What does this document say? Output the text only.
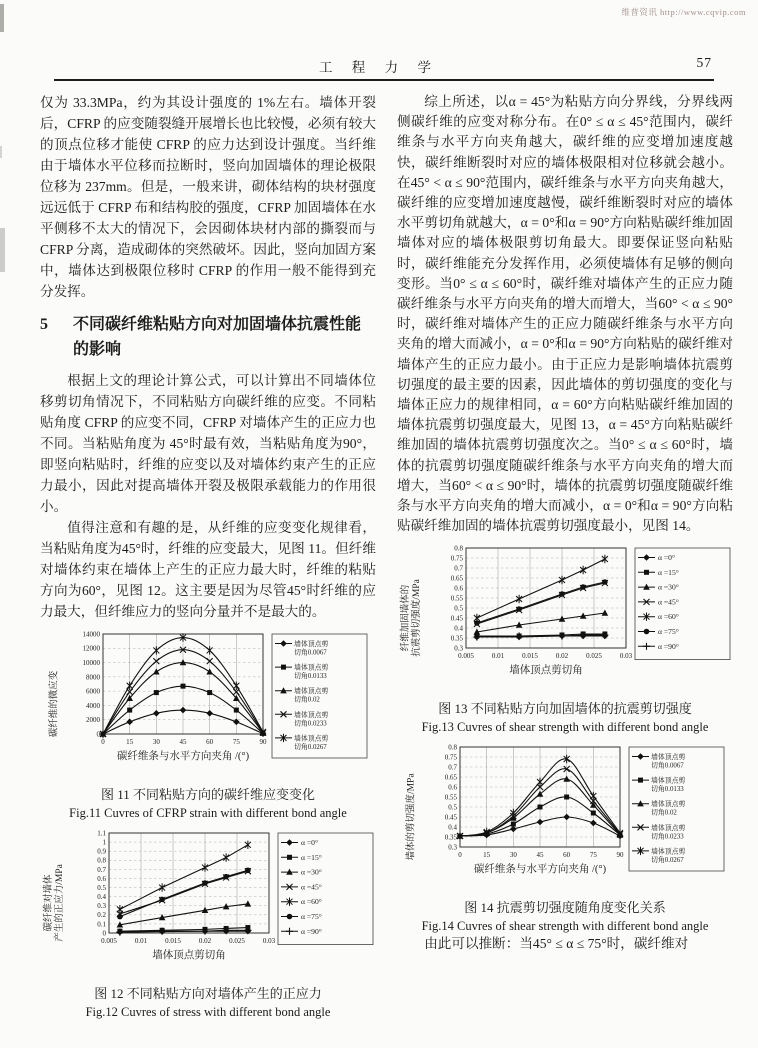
维普资讯 http://www.cqvip.com
工 程 力 学	57

仅为 33.3MPa，约为其设计强度的 1%左右。墙体开裂后，CFRP 的应变随裂缝开展增长也比较慢，必须有较大的顶点位移才能使 CFRP 的应力达到设计强度。当纤维由于墙体水平位移而拉断时，竖向加固墙体的理论极限位移为 237mm。但是，一般来讲，砌体结构的块材强度远远低于 CFRP 布和结构胶的强度，CFRP 加固墙体在水平侧移不太大的情况下，会因砌体块材内部的撕裂而与 CFRP 分离，造成砌体的突然破坏。因此，竖向加固方案中，墙体达到极限位移时 CFRP 的作用一般不能得到充分发挥。

5	不同碳纤维粘贴方向对加固墙体抗震性能的影响

根据上文的理论计算公式，可以计算出不同墙体位移剪切角情况下，不同粘贴方向碳纤维的应变。不同粘贴角度 CFRP 的应变不同，CFRP 对墙体产生的正应力也不同。当粘贴角度为 45°时最有效，当粘贴角度为90°，即竖向粘贴时，纤维的应变以及对墙体约束产生的正应力最小，因此对提高墙体开裂及极限承载能力的作用很小。

值得注意和有趣的是，从纤维的应变变化规律看，当粘贴角度为45°时，纤维的应变最大，见图 11。但纤维对墙体约束在墙体上产生的正应力最大时，纤维的粘贴方向为60°，见图 12。这主要是因为尽管45°时纤维的应力最大，但纤维应力的竖向分量并不是最大的。

碳纤维的微应变	0
2000
4000
6000
8000
10000
12000
14000
0	15	30	45	60	75	90
碳纤维条与水平方向夹角 /(°)
墙体顶点剪
切角0.0067
墙体顶点剪
切角0.0133
墙体顶点剪
切角0.02
墙体顶点剪
切角0.0233
墙体顶点剪
切角0.0267
图 11 不同粘贴方向的碳纤维应变变化
Fig.11 Cuvres of CFRP strain with different bond angle
碳纤维对墙体
产生的正应力/MPa	0
0.1
0.2
0.3
0.4
0.5
0.6
0.7
0.8
0.9
1
1.1
0.005	0.01	0.015	0.02	0.025	0.03
墙体顶点剪切角
α =0°
α =15°
α =30°
α =45°
α =60°
α =75°
α =90°
图 12 不同粘贴方向对墙体产生的正应力
Fig.12 Cuvres of stress with different bond angle

综上所述，以α = 45°为粘贴方向分界线，分界线两侧碳纤维的应变对称分布。在0° ≤ α ≤ 45°范围内，碳纤维条与水平方向夹角越大，碳纤维的应变增加速度越快，碳纤维断裂时对应的墙体极限相对位移就会越小。在45° < α ≤ 90°范围内，碳纤维条与水平方向夹角越大，碳纤维的应变增加速度越慢，碳纤维断裂时对应的墙体水平剪切角就越大，α = 0°和α = 90°方向粘贴碳纤维加固墙体对应的墙体极限剪切角最大。即要保证竖向粘贴时，碳纤维能充分发挥作用，必须使墙体有足够的侧向变形。当0° ≤ α ≤ 60°时，碳纤维对墙体产生的正应力随碳纤维条与水平方向夹角的增大而增大，当60° < α ≤ 90°时，碳纤维对墙体产生的正应力随碳纤维条与水平方向夹角的增大而减小，α = 0°和α = 90°方向粘贴的碳纤维对墙体产生的正应力最小。由于正应力是影响墙体抗震剪切强度的最主要的因素，因此墙体的剪切强度的变化与墙体正应力的规律相同，α = 60°方向粘贴碳纤维加固的墙体抗震剪切强度最大，见图 13，α = 45°方向粘贴碳纤维加固的墙体抗震剪切强度次之。当0° ≤ α ≤ 60°时，墙体的抗震剪切强度随碳纤维条与水平方向夹角的增大而增大，当60° < α ≤ 90°时，墙体的抗震剪切强度随碳纤维条与水平方向夹角的增大而减小，α = 0°和α = 90°方向粘贴碳纤维加固的墙体抗震剪切强度最小，见图 14。

纤维加固墙体的
抗震剪切强度/MPa	0.3
0.35
0.4
0.45
0.5
0.55
0.6
0.65
0.7
0.75
0.8
0.005	0.01	0.015	0.02	0.025	0.03
墙体顶点剪切角
α =0°
α =15°
α =30°
α =45°
α =60°
α =75°
α =90°
图 13 不同粘贴方向加固墙体的抗震剪切强度
Fig.13 Cuvres of shear strength with different bond angle
墙体的剪切强度/MPa	0.3
0.35
0.4
0.45
0.5
0.55
0.6
0.65
0.7
0.75
0.8
0	15	30	45	60	75	90
碳纤维条与水平方向夹角 /(°)
墙体顶点剪
切角0.0067
墙体顶点剪
切角0.0133
墙体顶点剪
切角0.02
墙体顶点剪
切角0.0233
墙体顶点剪
切角0.0267
图 14 抗震剪切强度随角度变化关系
Fig.14 Cuvres of shear strength with different bond angle

由此可以推断：当45° ≤ α ≤ 75°时，碳纤维对
